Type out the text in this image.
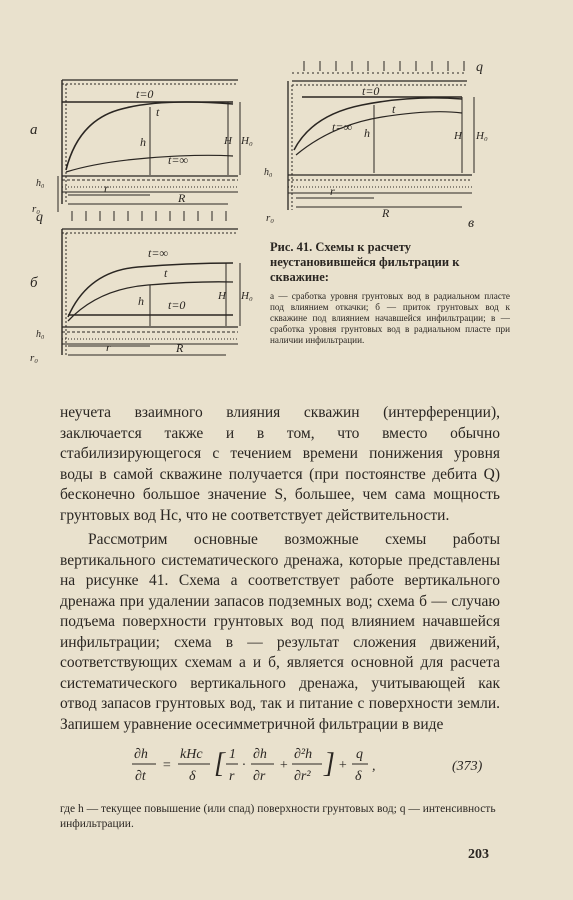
а
t=0
t
t=∞
h	H H₀
h₀	r
R
r₀
q
t=0
t
t=∞ h	H H₀
h₀
r
R
r₀	в
q
б
t=∞
t
t=0
h	H H₀
h₀
r	R
r₀

Рис. 41. Схемы к расчету неустановившейся фильтрации к скважине:

а — сработка уровня грунтовых вод в радиальном пласте под влиянием откачки; б — приток грунтовых вод к скважине под влиянием начавшейся инфильтрации; в — сработка уровня грунтовых вод в радиальном пласте при наличии инфильтрации.

неучета взаимного влияния скважин (интерференции), заключается также и в том, что вместо обычно стабилизирующегося с течением времени понижения уровня воды в самой скважине получается (при постоянстве дебита Q) бесконечно большое значение S, большее, чем сама мощность грунтовых вод Hс, что не соответствует действительности.

Рассмотрим основные возможные схемы работы вертикального систематического дренажа, которые представлены на рисунке 41. Схема а соответствует работе вертикального дренажа при удалении запасов подземных вод; схема б — случаю подъема поверхности грунтовых вод под влиянием начавшейся инфильтрации; схема в — результат сложения движений, соответствующих схемам а и б, является основной для расчета систематического вертикального дренажа, учитывающей как отвод запасов грунтовых вод, так и питание с поверхности земли. Запишем уравнение осесимметричной фильтрации в виде

∂h
∂t
=
kHс
δ [ 1
r
·
∂h
∂r
+
∂²h
∂r² ] +
q
δ
,	(373)
где h — текущее повышение (или спад) поверхности грунтовых вод; q — интенсивность инфильтрации.
203
